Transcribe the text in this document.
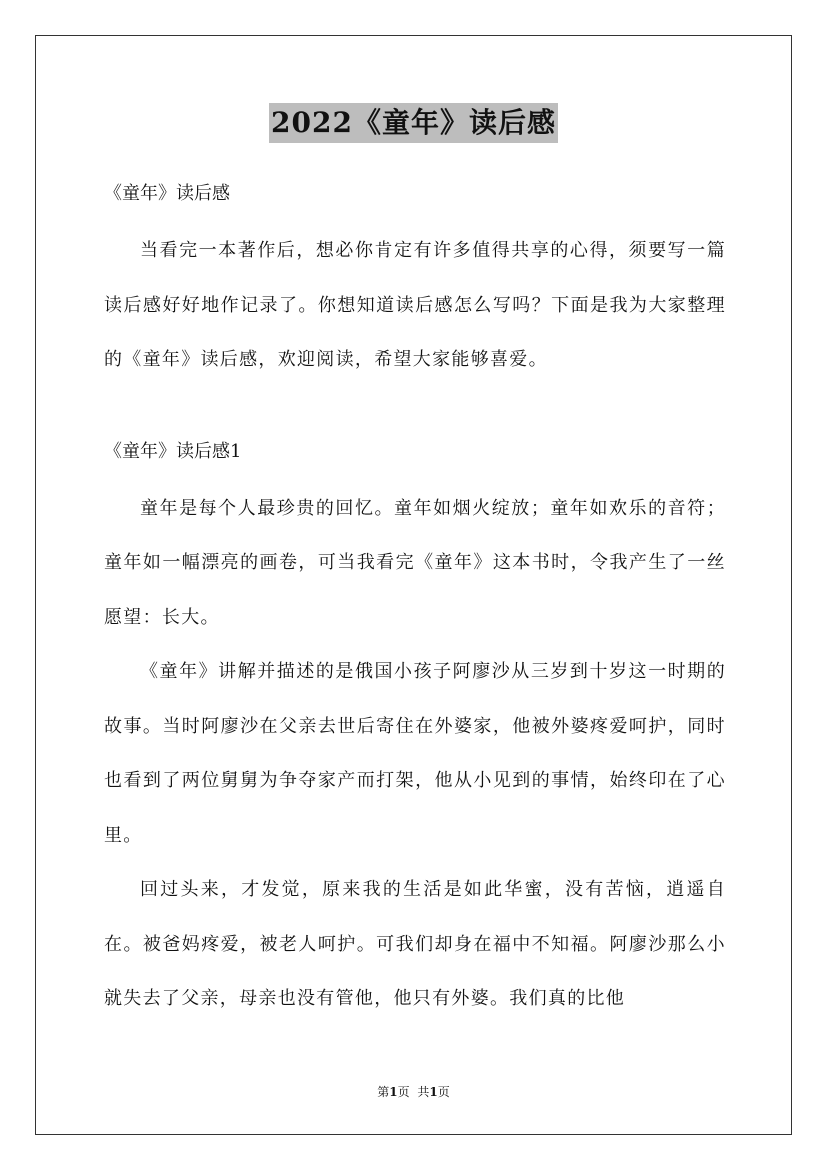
2022《童年》读后感

《童年》读后感

当看完一本著作后，想必你肯定有许多值得共享的心得，须要写一篇读后感好好地作记录了。你想知道读后感怎么写吗？下面是我为大家整理的《童年》读后感，欢迎阅读，希望大家能够喜爱。

《童年》读后感1

童年是每个人最珍贵的回忆。童年如烟火绽放；童年如欢乐的音符；童年如一幅漂亮的画卷，可当我看完《童年》这本书时，令我产生了一丝愿望：长大。

《童年》讲解并描述的是俄国小孩子阿廖沙从三岁到十岁这一时期的故事。当时阿廖沙在父亲去世后寄住在外婆家，他被外婆疼爱呵护，同时也看到了两位舅舅为争夺家产而打架，他从小见到的事情，始终印在了心里。

回过头来，才发觉，原来我的生活是如此华蜜，没有苦恼，逍遥自在。被爸妈疼爱，被老人呵护。可我们却身在福中不知福。阿廖沙那么小就失去了父亲，母亲也没有管他，他只有外婆。我们真的比他

第1页 共1页
